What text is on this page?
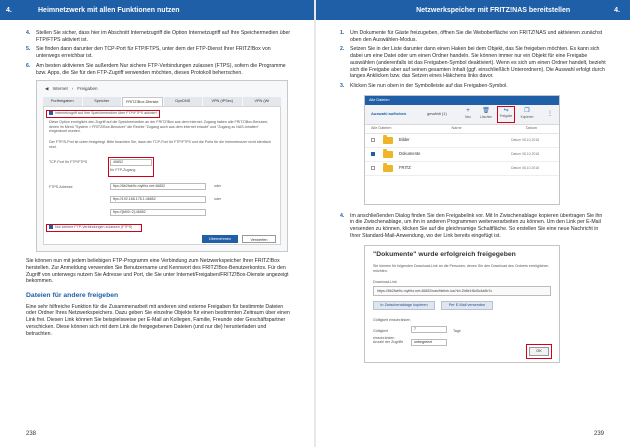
4.	Heimnetzwerk mit allen Funktionen nutzen	Netzwerkspeicher mit FRITZ!NAS bereitstellen	4.
4.	Stellen Sie sicher, dass hier im Abschnitt Internetzugriff die Option Internetzugriff auf Ihre Speichermedien über FTP/FTPS aktiviert ist.
5.	Sie finden dann darunter den TCP-Port für FTP/FTPS, unter dem der FTP-Dienst Ihrer FRITZ!Box von unterwegs erreichbar ist.
6.	Am besten aktivieren Sie außerdem Nur sichere FTP-Verbindungen zulassen (FTPS), sofern die Programme bzw. Apps, die Sie für den FTP-Zugriff verwenden möchten, dieses Protokoll beherrschen.
◀ Internet › Freigaben
Portfreigaben	Speicher	FRITZ!Box-Dienste	DynDNS	VPN (IPSec)	VPN (Wi
Internetzugriff auf Ihre Speichermedien über FTP/FTPS aktiviert
Diese Option ermöglicht den Zugriff auf die Speichermedien an der FRITZ!Box aus dem Internet. Zugang haben alle FRITZ!Box-Benutzer, denen im Menü "System > FRITZ!Box-Benutzer" die Rechte "Zugang auch aus dem Internet erlaubt" und "Zugang zu NAS-Inhalten" eingeräumt wurden.
Der FTP/S-Port ist unten festgelegt. Bitte beachten Sie, dass der TCP-Port für FTP/FTPS und die Ports für die Internetnutzer nicht identisch sind.
TCP-Port für FTP/FTPS	46852
für FTP-Zugang
FTPS-Adresse	ftps://8b2fab9c.myfritz.net:46852	oder
ftps://192.168.178.1:46852	oder
ftps://[fd00::2]:46852
Nur sichere FTP-Verbindungen zulassen (FTPS)
Übernehmen	Verwerfen

Sie können nun mit jedem beliebigen FTP-Programm eine Verbindung zum Netzwerkspeicher Ihrer FRITZ!Box herstellen. Zur Anmeldung verwenden Sie Benutzername und Kennwort des FRITZ!Box-Benutzerkontos. Für den Zugriff von unterwegs nutzen Sie Adresse und Port, die Sie unter Internet/Freigaben/FRITZ!Box-Dienste angezeigt bekommen.

Dateien für andere freigeben

Eine sehr hilfreiche Funktion für die Zusammenarbeit mit anderen sind externe Freigaben für bestimmte Dateien oder Ordner Ihres Netzwerkspeichers. Dazu geben Sie einzelne Objekte für einen bestimmten Zeitraum über einen Link frei. Diesen Link können Sie beispielsweise per E-Mail an Kollegen, Familie, Freunde oder Geschäftspartner verschicken. Diese können sich mit dem Link die freigegebenen Dateien (und nur die) herunterladen und betrachten.

1.	Um Dokumente für Gäste freizugeben, öffnen Sie die Weboberfläche von FRITZ!NAS und aktivieren zunächst oben den Auswählen-Modus.
2.	Setzen Sie in der Liste darunter dann einen Haken bei dem Objekt, das Sie freigeben möchten. Es kann sich dabei um eine Datei oder um einen Ordner handeln. Sie können immer nur ein Objekt für eine Freigabe auswählen (anderenfalls ist das Freigaben-Symbol deaktiviert). Wenn es sich um einen Ordner handelt, bezieht sich die Freigabe aber auf seinen gesamten Inhalt (ggf. einschließlich Unterordnern). Die Auswahl erfolgt durch langes Anklicken bzw. das Setzen eines Häkchens links davor.
3.	Klicken Sie nun oben in der Symbolleiste auf das Freigaben-Symbol.
Alle Dateien
Auswahl aufheben	gewählt (1)	+
Neu
🗑
Löschen
⥆
Freigabe
❐
Kopieren
⋮
Alle Dateien	Name	Datum
Bilder	Datum 08.10.2018
Dokumente	Datum 08.10.2018
FRITZ	Datum 08.10.2018
4.	Im anschließenden Dialog finden Sie den Freigabelink vor. Mit In Zwischenablage kopieren übertragen Sie ihn in die Zwischenablage, um ihn in anderen Programmen weiterverarbeiten zu können. Um den Link per E-Mail versenden zu können, klicken Sie auf die gleichnamige Schaltfläche. So erstellen Sie eine neue Nachricht in Ihrer Standard-Mail-Anwendung, wo der Link bereits eingefügt ist.
"Dokumente" wurde erfolgreich freigegeben
Sie können für folgenden Download-Link an die Personen, denen Sie den Download des Ordners ermöglichen möchten.
Download-Link
https://8b2fab9c.myfritz.net:46852/nas/filelink.lua?id=2b8e1f6d3c4a5b7c
In Zwischenablage kopieren	Per E-Mail versenden
Gültigkeit einschränken
Gültigkeit einschränken
7	Tage
Anzahl der Zugriffe	unbegrenzt
OK
238	239
